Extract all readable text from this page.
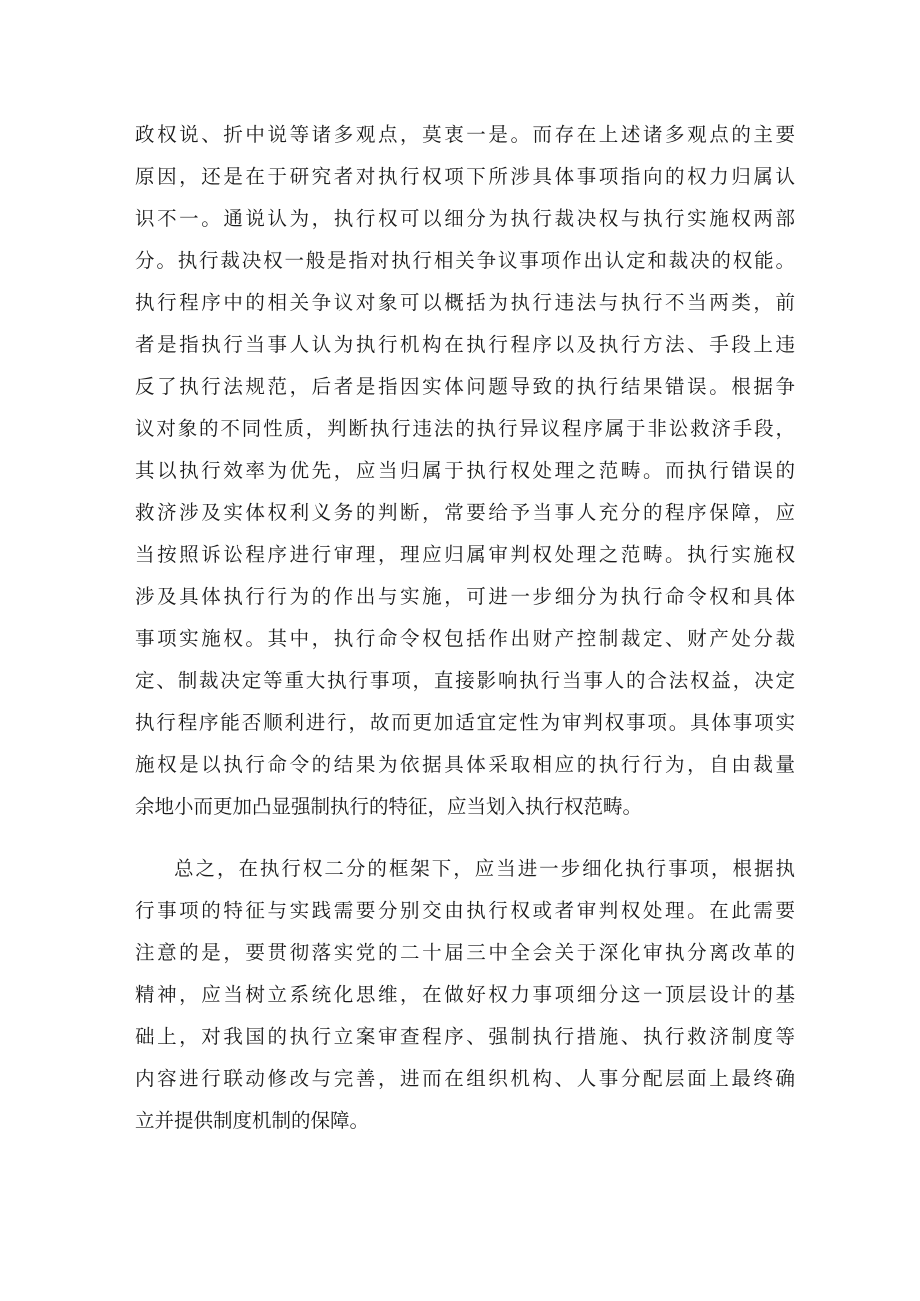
政权说、折中说等诸多观点，莫衷一是。而存在上述诸多观点的主要
原因，还是在于研究者对执行权项下所涉具体事项指向的权力归属认
识不一。通说认为，执行权可以细分为执行裁决权与执行实施权两部
分。执行裁决权一般是指对执行相关争议事项作出认定和裁决的权能。
执行程序中的相关争议对象可以概括为执行违法与执行不当两类，前
者是指执行当事人认为执行机构在执行程序以及执行方法、手段上违
反了执行法规范，后者是指因实体问题导致的执行结果错误。根据争
议对象的不同性质，判断执行违法的执行异议程序属于非讼救济手段，
其以执行效率为优先，应当归属于执行权处理之范畴。而执行错误的
救济涉及实体权利义务的判断，常要给予当事人充分的程序保障，应
当按照诉讼程序进行审理，理应归属审判权处理之范畴。执行实施权
涉及具体执行行为的作出与实施，可进一步细分为执行命令权和具体
事项实施权。其中，执行命令权包括作出财产控制裁定、财产处分裁
定、制裁决定等重大执行事项，直接影响执行当事人的合法权益，决定
执行程序能否顺利进行，故而更加适宜定性为审判权事项。具体事项实
施权是以执行命令的结果为依据具体采取相应的执行行为，自由裁量
余地小而更加凸显强制执行的特征，应当划入执行权范畴。
总之，在执行权二分的框架下，应当进一步细化执行事项，根据执
行事项的特征与实践需要分别交由执行权或者审判权处理。在此需要
注意的是，要贯彻落实党的二十届三中全会关于深化审执分离改革的
精神，应当树立系统化思维，在做好权力事项细分这一顶层设计的基
础上，对我国的执行立案审查程序、强制执行措施、执行救济制度等
内容进行联动修改与完善，进而在组织机构、人事分配层面上最终确
立并提供制度机制的保障。
